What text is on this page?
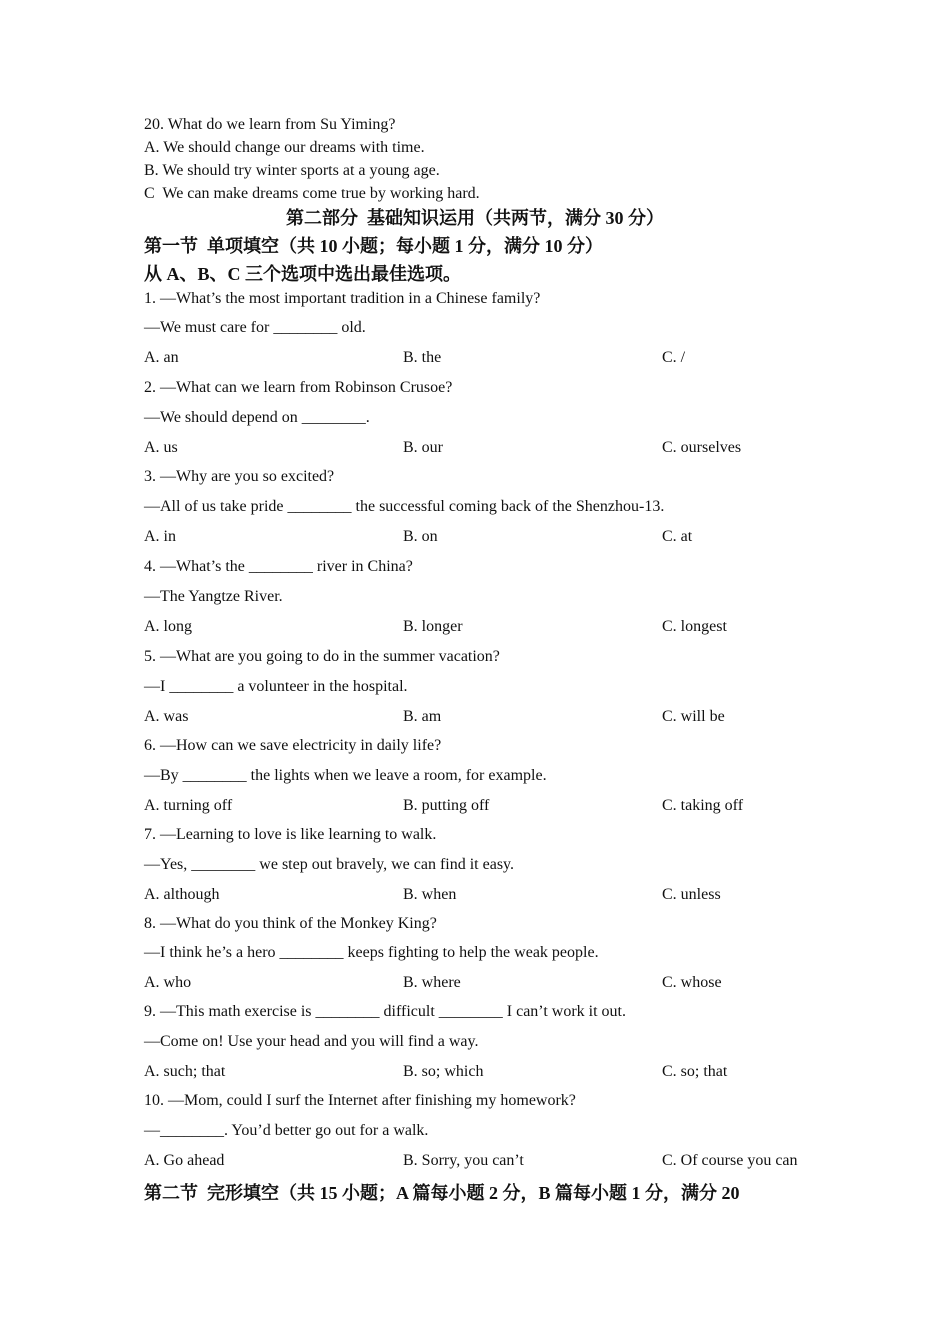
20. What do we learn from Su Yiming?
A. We should change our dreams with time.
B. We should try winter sports at a young age.
C  We can make dreams come true by working hard.
第二部分  基础知识运用（共两节，满分 30 分）
第一节  单项填空（共 10 小题；每小题 1 分，满分 10 分）
从 A、B、C 三个选项中选出最佳选项。
1. —What’s the most important tradition in a Chinese family?
—We must care for ________ old.
A. an	B. the	C. /
2. —What can we learn from Robinson Crusoe?
—We should depend on ________.
A. us	B. our	C. ourselves
3. —Why are you so excited?
—All of us take pride ________ the successful coming back of the Shenzhou-13.
A. in	B. on	C. at
4. —What’s the ________ river in China?
—The Yangtze River.
A. long	B. longer	C. longest
5. —What are you going to do in the summer vacation?
—I ________ a volunteer in the hospital.
A. was	B. am	C. will be
6. —How can we save electricity in daily life?
—By ________ the lights when we leave a room, for example.
A. turning off	B. putting off	C. taking off
7. —Learning to love is like learning to walk.
—Yes, ________ we step out bravely, we can find it easy.
A. although	B. when	C. unless
8. —What do you think of the Monkey King?
—I think he’s a hero ________ keeps fighting to help the weak people.
A. who	B. where	C. whose
9. —This math exercise is ________ difficult ________ I can’t work it out.
—Come on! Use your head and you will find a way.
A. such; that	B. so; which	C. so; that
10. —Mom, could I surf the Internet after finishing my homework?
—________. You’d better go out for a walk.
A. Go ahead	B. Sorry, you can’t	C. Of course you can
第二节  完形填空（共 15 小题；A 篇每小题 2 分，B 篇每小题 1 分，满分 20
